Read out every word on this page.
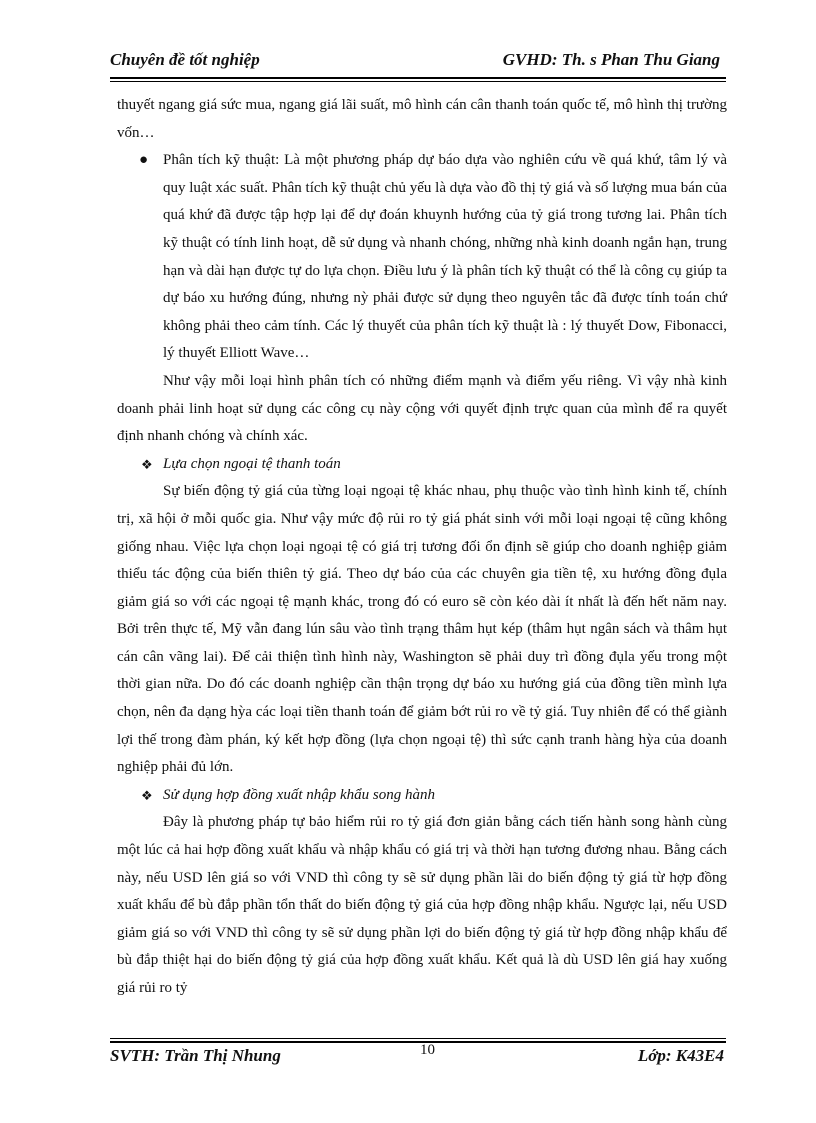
Chuyên đề tốt nghiệp	GVHD: Th. s Phan Thu Giang

thuyết ngang giá sức mua, ngang giá lãi suất, mô hình cán cân thanh toán quốc tế, mô hình thị trường vốn…

● Phân tích kỹ thuật: Là một phương pháp dự báo dựa vào nghiên cứu về quá khứ, tâm lý và quy luật xác suất. Phân tích kỹ thuật chủ yếu là dựa vào đồ thị tỷ giá và số lượng mua bán của quá khứ đã được tập hợp lại để dự đoán khuynh hướng của tỷ giá trong tương lai. Phân tích kỹ thuật có tính linh hoạt, dễ sử dụng và nhanh chóng, những nhà kinh doanh ngắn hạn, trung hạn và dài hạn được tự do lựa chọn. Điều lưu ý là phân tích kỹ thuật có thể là công cụ giúp ta dự báo xu hướng đúng, nhưng nỳ phải được sử dụng theo nguyên tắc đã được tính toán chứ không phải theo cảm tính. Các lý thuyết của phân tích kỹ thuật là : lý thuyết Dow, Fibonacci, lý thuyết Elliott Wave…

Như vậy mỗi loại hình phân tích có những điểm mạnh và điểm yếu riêng. Vì vậy nhà kinh doanh phải linh hoạt sử dụng các công cụ này cộng với quyết định trực quan của mình để ra quyết định nhanh chóng và chính xác.

❖ Lựa chọn ngoại tệ thanh toán

Sự biến động tỷ giá của từng loại ngoại tệ khác nhau, phụ thuộc vào tình hình kinh tế, chính trị, xã hội ở mỗi quốc gia. Như vậy mức độ rủi ro tỷ giá phát sinh với mỗi loại ngoại tệ cũng không giống nhau. Việc lựa chọn loại ngoại tệ có giá trị tương đối ổn định sẽ giúp cho doanh nghiệp giảm thiểu tác động của biến thiên tỷ giá. Theo dự báo của các chuyên gia tiền tệ, xu hướng đồng đụla giảm giá so với các ngoại tệ mạnh khác, trong đó có euro sẽ còn kéo dài ít nhất là đến hết năm nay. Bởi trên thực tế, Mỹ vẫn đang lún sâu vào tình trạng thâm hụt kép (thâm hụt ngân sách và thâm hụt cán cân vãng lai). Để cải thiện tình hình này, Washington sẽ phải duy trì đồng đụla yếu trong một thời gian nữa. Do đó các doanh nghiệp cần thận trọng dự báo xu hướng giá của đồng tiền mình lựa chọn, nên đa dạng hỳa các loại tiền thanh toán để giảm bớt rủi ro về tỷ giá. Tuy nhiên để có thể giành lợi thế trong đàm phán, ký kết hợp đồng (lựa chọn ngoại tệ) thì sức cạnh tranh hàng hỳa của doanh nghiệp phải đủ lớn.

❖ Sử dụng hợp đồng xuất nhập khẩu song hành

Đây là phương pháp tự bảo hiểm rủi ro tỷ giá đơn giản bằng cách tiến hành song hành cùng một lúc cả hai hợp đồng xuất khẩu và nhập khẩu có giá trị và thời hạn tương đương nhau. Bằng cách này, nếu USD lên giá so với VND thì công ty sẽ sử dụng phần lãi do biến động tỷ giá từ hợp đồng xuất khẩu để bù đắp phần tổn thất do biến động tỷ giá của hợp đồng nhập khẩu. Ngược lại, nếu USD giảm giá so với VND thì công ty sẽ sử dụng phần lợi do biến động tỷ giá từ hợp đồng nhập khẩu để bù đắp thiệt hại do biến động tỷ giá của hợp đồng xuất khẩu. Kết quả là dù USD lên giá hay xuống giá rủi ro tỷ

SVTH: Trần Thị Nhung	10	Lớp: K43E4
